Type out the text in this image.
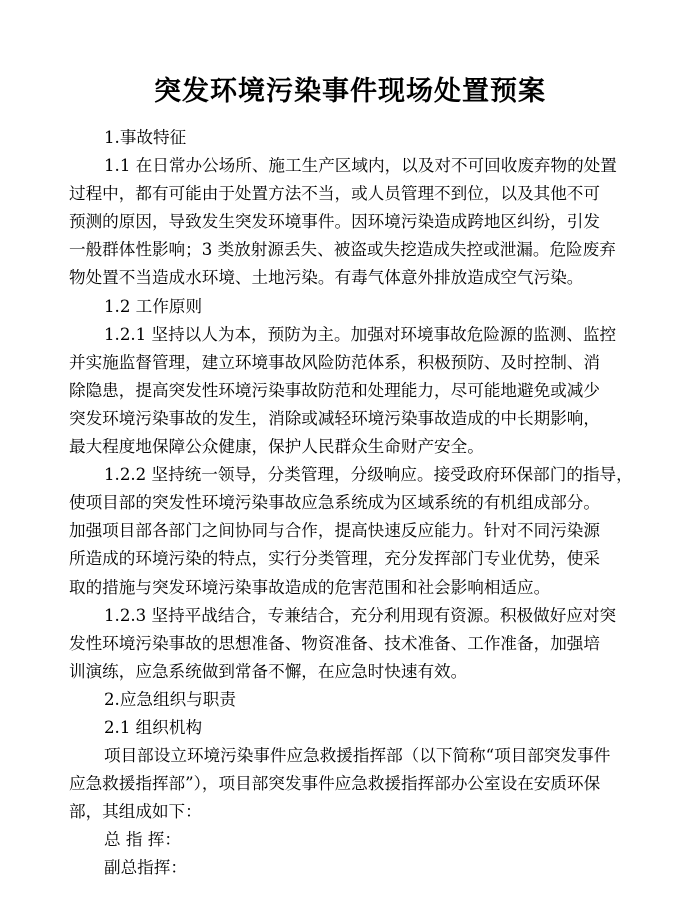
突发环境污染事件现场处置预案
1.事故特征
1.1 在日常办公场所、施工生产区域内，以及对不可回收废弃物的处置
过程中，都有可能由于处置方法不当，或人员管理不到位，以及其他不可
预测的原因，导致发生突发环境事件。因环境污染造成跨地区纠纷，引发
一般群体性影响；3 类放射源丢失、被盗或失挖造成失控或泄漏。危险废弃
物处置不当造成水环境、土地污染。有毒气体意外排放造成空气污染。
1.2 工作原则
1.2.1 坚持以人为本，预防为主。加强对环境事故危险源的监测、监控
并实施监督管理，建立环境事故风险防范体系，积极预防、及时控制、消
除隐患，提高突发性环境污染事故防范和处理能力，尽可能地避免或减少
突发环境污染事故的发生，消除或减轻环境污染事故造成的中长期影响，
最大程度地保障公众健康，保护人民群众生命财产安全。
1.2.2 坚持统一领导，分类管理，分级响应。接受政府环保部门的指导，
使项目部的突发性环境污染事故应急系统成为区域系统的有机组成部分。
加强项目部各部门之间协同与合作，提高快速反应能力。针对不同污染源
所造成的环境污染的特点，实行分类管理，充分发挥部门专业优势，使采
取的措施与突发环境污染事故造成的危害范围和社会影响相适应。
1.2.3 坚持平战结合，专兼结合，充分利用现有资源。积极做好应对突
发性环境污染事故的思想准备、物资准备、技术准备、工作准备，加强培
训演练，应急系统做到常备不懈，在应急时快速有效。
2.应急组织与职责
2.1 组织机构
项目部设立环境污染事件应急救援指挥部（以下简称“项目部突发事件
应急救援指挥部”），项目部突发事件应急救援指挥部办公室设在安质环保
部，其组成如下：
总 指 挥：
副总指挥：
